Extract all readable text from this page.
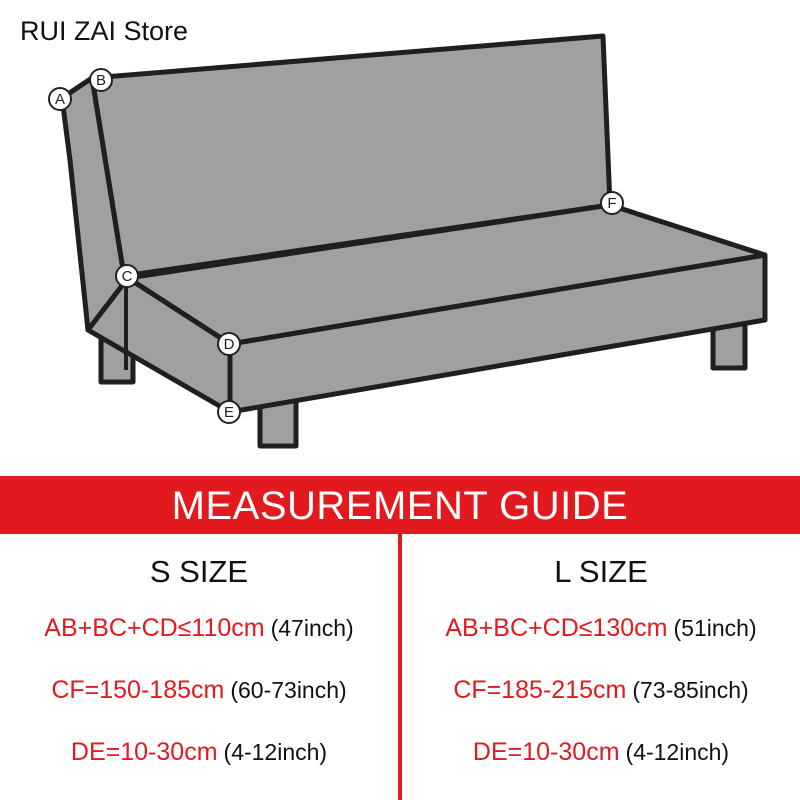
A
B
C
D
E
F
RUI ZAI Store
MEASUREMENT GUIDE
S SIZE
AB+BC+CD≤110cm (47inch)
CF=150-185cm (60-73inch)
DE=10-30cm (4-12inch)
L SIZE
AB+BC+CD≤130cm (51inch)
CF=185-215cm (73-85inch)
DE=10-30cm (4-12inch)
